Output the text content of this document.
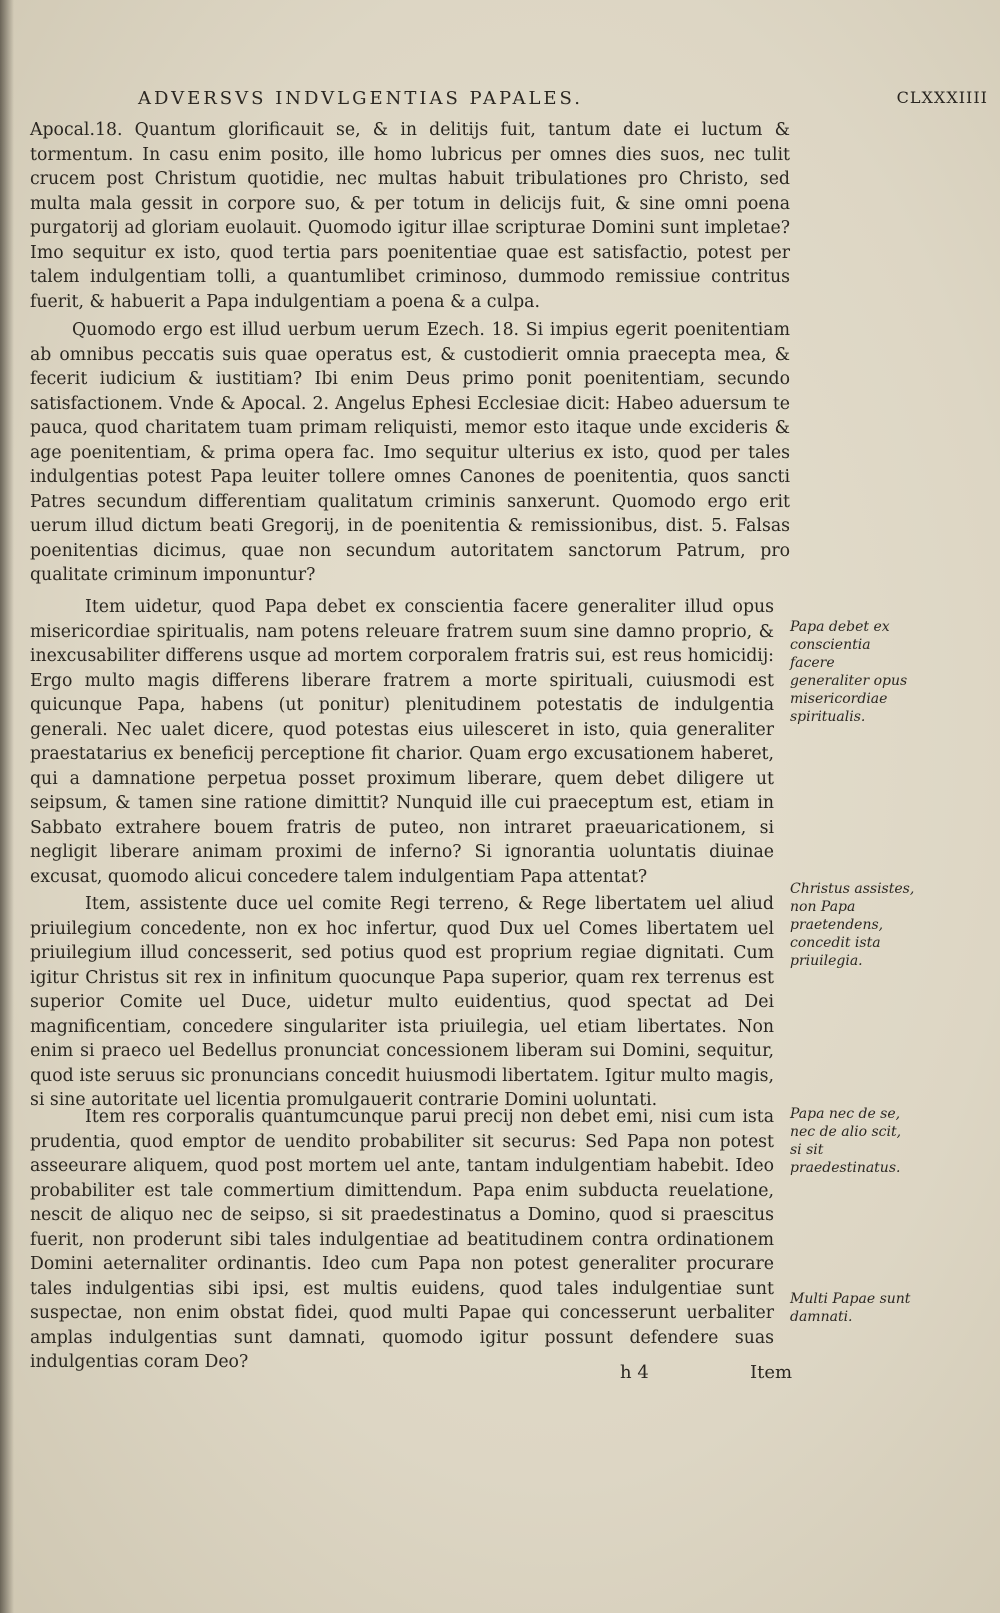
ADVERSVS INDVLGENTIAS PAPALES.	CLXXXIIII

Apocal.18. Quantum glorificauit se, & in delitijs fuit, tantum date ei luctum & tormentum. In casu enim posito, ille homo lubricus per omnes dies suos, nec tulit crucem post Christum quotidie, nec multas habuit tribulationes pro Christo, sed multa mala gessit in corpore suo, & per totum in delicijs fuit, & sine omni poena purgatorij ad gloriam euolauit. Quomodo igitur illae scripturae Domini sunt impletae? Imo sequitur ex isto, quod tertia pars poenitentiae quae est satisfactio, potest per talem indulgentiam tolli, a quantumlibet criminoso, dummodo remissiue contritus fuerit, & habuerit a Papa indulgentiam a poena & a culpa.

Quomodo ergo est illud uerbum uerum Ezech. 18. Si impius egerit poenitentiam ab omnibus peccatis suis quae operatus est, & custodierit omnia praecepta mea, & fecerit iudicium & iustitiam? Ibi enim Deus primo ponit poenitentiam, secundo satisfactionem. Vnde & Apocal. 2. Angelus Ephesi Ecclesiae dicit: Habeo aduersum te pauca, quod charitatem tuam primam reliquisti, memor esto itaque unde excideris & age poenitentiam, & prima opera fac. Imo sequitur ulterius ex isto, quod per tales indulgentias potest Papa leuiter tollere omnes Canones de poenitentia, quos sancti Patres secundum differentiam qualitatum criminis sanxerunt. Quomodo ergo erit uerum illud dictum beati Gregorij, in de poenitentia & remissionibus, dist. 5. Falsas poenitentias dicimus, quae non secundum autoritatem sanctorum Patrum, pro qualitate criminum imponuntur?

Item uidetur, quod Papa debet ex conscientia facere generaliter illud opus misericordiae spiritualis, nam potens releuare fratrem suum sine damno proprio, & inexcusabiliter differens usque ad mortem corporalem fratris sui, est reus homicidij: Ergo multo magis differens liberare fratrem a morte spirituali, cuiusmodi est quicunque Papa, habens (ut ponitur) plenitudinem potestatis de indulgentia generali. Nec ualet dicere, quod potestas eius uilesceret in isto, quia generaliter praestatarius ex beneficij perceptione fit charior. Quam ergo excusationem haberet, qui a damnatione perpetua posset proximum liberare, quem debet diligere ut seipsum, & tamen sine ratione dimittit? Nunquid ille cui praeceptum est, etiam in Sabbato extrahere bouem fratris de puteo, non intraret praeuaricationem, si negligit liberare animam proximi de inferno? Si ignorantia uoluntatis diuinae excusat, quomodo alicui concedere talem indulgentiam Papa attentat?

Item, assistente duce uel comite Regi terreno, & Rege libertatem uel aliud priuilegium concedente, non ex hoc infertur, quod Dux uel Comes libertatem uel priuilegium illud concesserit, sed potius quod est proprium regiae dignitati. Cum igitur Christus sit rex in infinitum quocunque Papa superior, quam rex terrenus est superior Comite uel Duce, uidetur multo euidentius, quod spectat ad Dei magnificentiam, concedere singulariter ista priuilegia, uel etiam libertates. Non enim si praeco uel Bedellus pronunciat concessionem liberam sui Domini, sequitur, quod iste seruus sic pronuncians concedit huiusmodi libertatem. Igitur multo magis, si sine autoritate uel licentia promulgauerit contrarie Domini uoluntati.

Item res corporalis quantumcunque parui precij non debet emi, nisi cum ista prudentia, quod emptor de uendito probabiliter sit securus: Sed Papa non potest asseeurare aliquem, quod post mortem uel ante, tantam indulgentiam habebit. Ideo probabiliter est tale commertium dimittendum. Papa enim subducta reuelatione, nescit de aliquo nec de seipso, si sit praedestinatus a Domino, quod si praescitus fuerit, non proderunt sibi tales indulgentiae ad beatitudinem contra ordinationem Domini aeternaliter ordinantis. Ideo cum Papa non potest generaliter procurare tales indulgentias sibi ipsi, est multis euidens, quod tales indulgentiae sunt suspectae, non enim obstat fidei, quod multi Papae qui concesserunt uerbaliter amplas indulgentias sunt damnati, quomodo igitur possunt defendere suas indulgentias coram Deo?

Papa debet ex conscientia facere generaliter opus misericordiae spiritualis.

Christus assistes, non Papa praetendens, concedit ista priuilegia.

Papa nec de se, nec de alio scit, si sit praedestinatus.

Multi Papae sunt damnati.

h 4	Item
